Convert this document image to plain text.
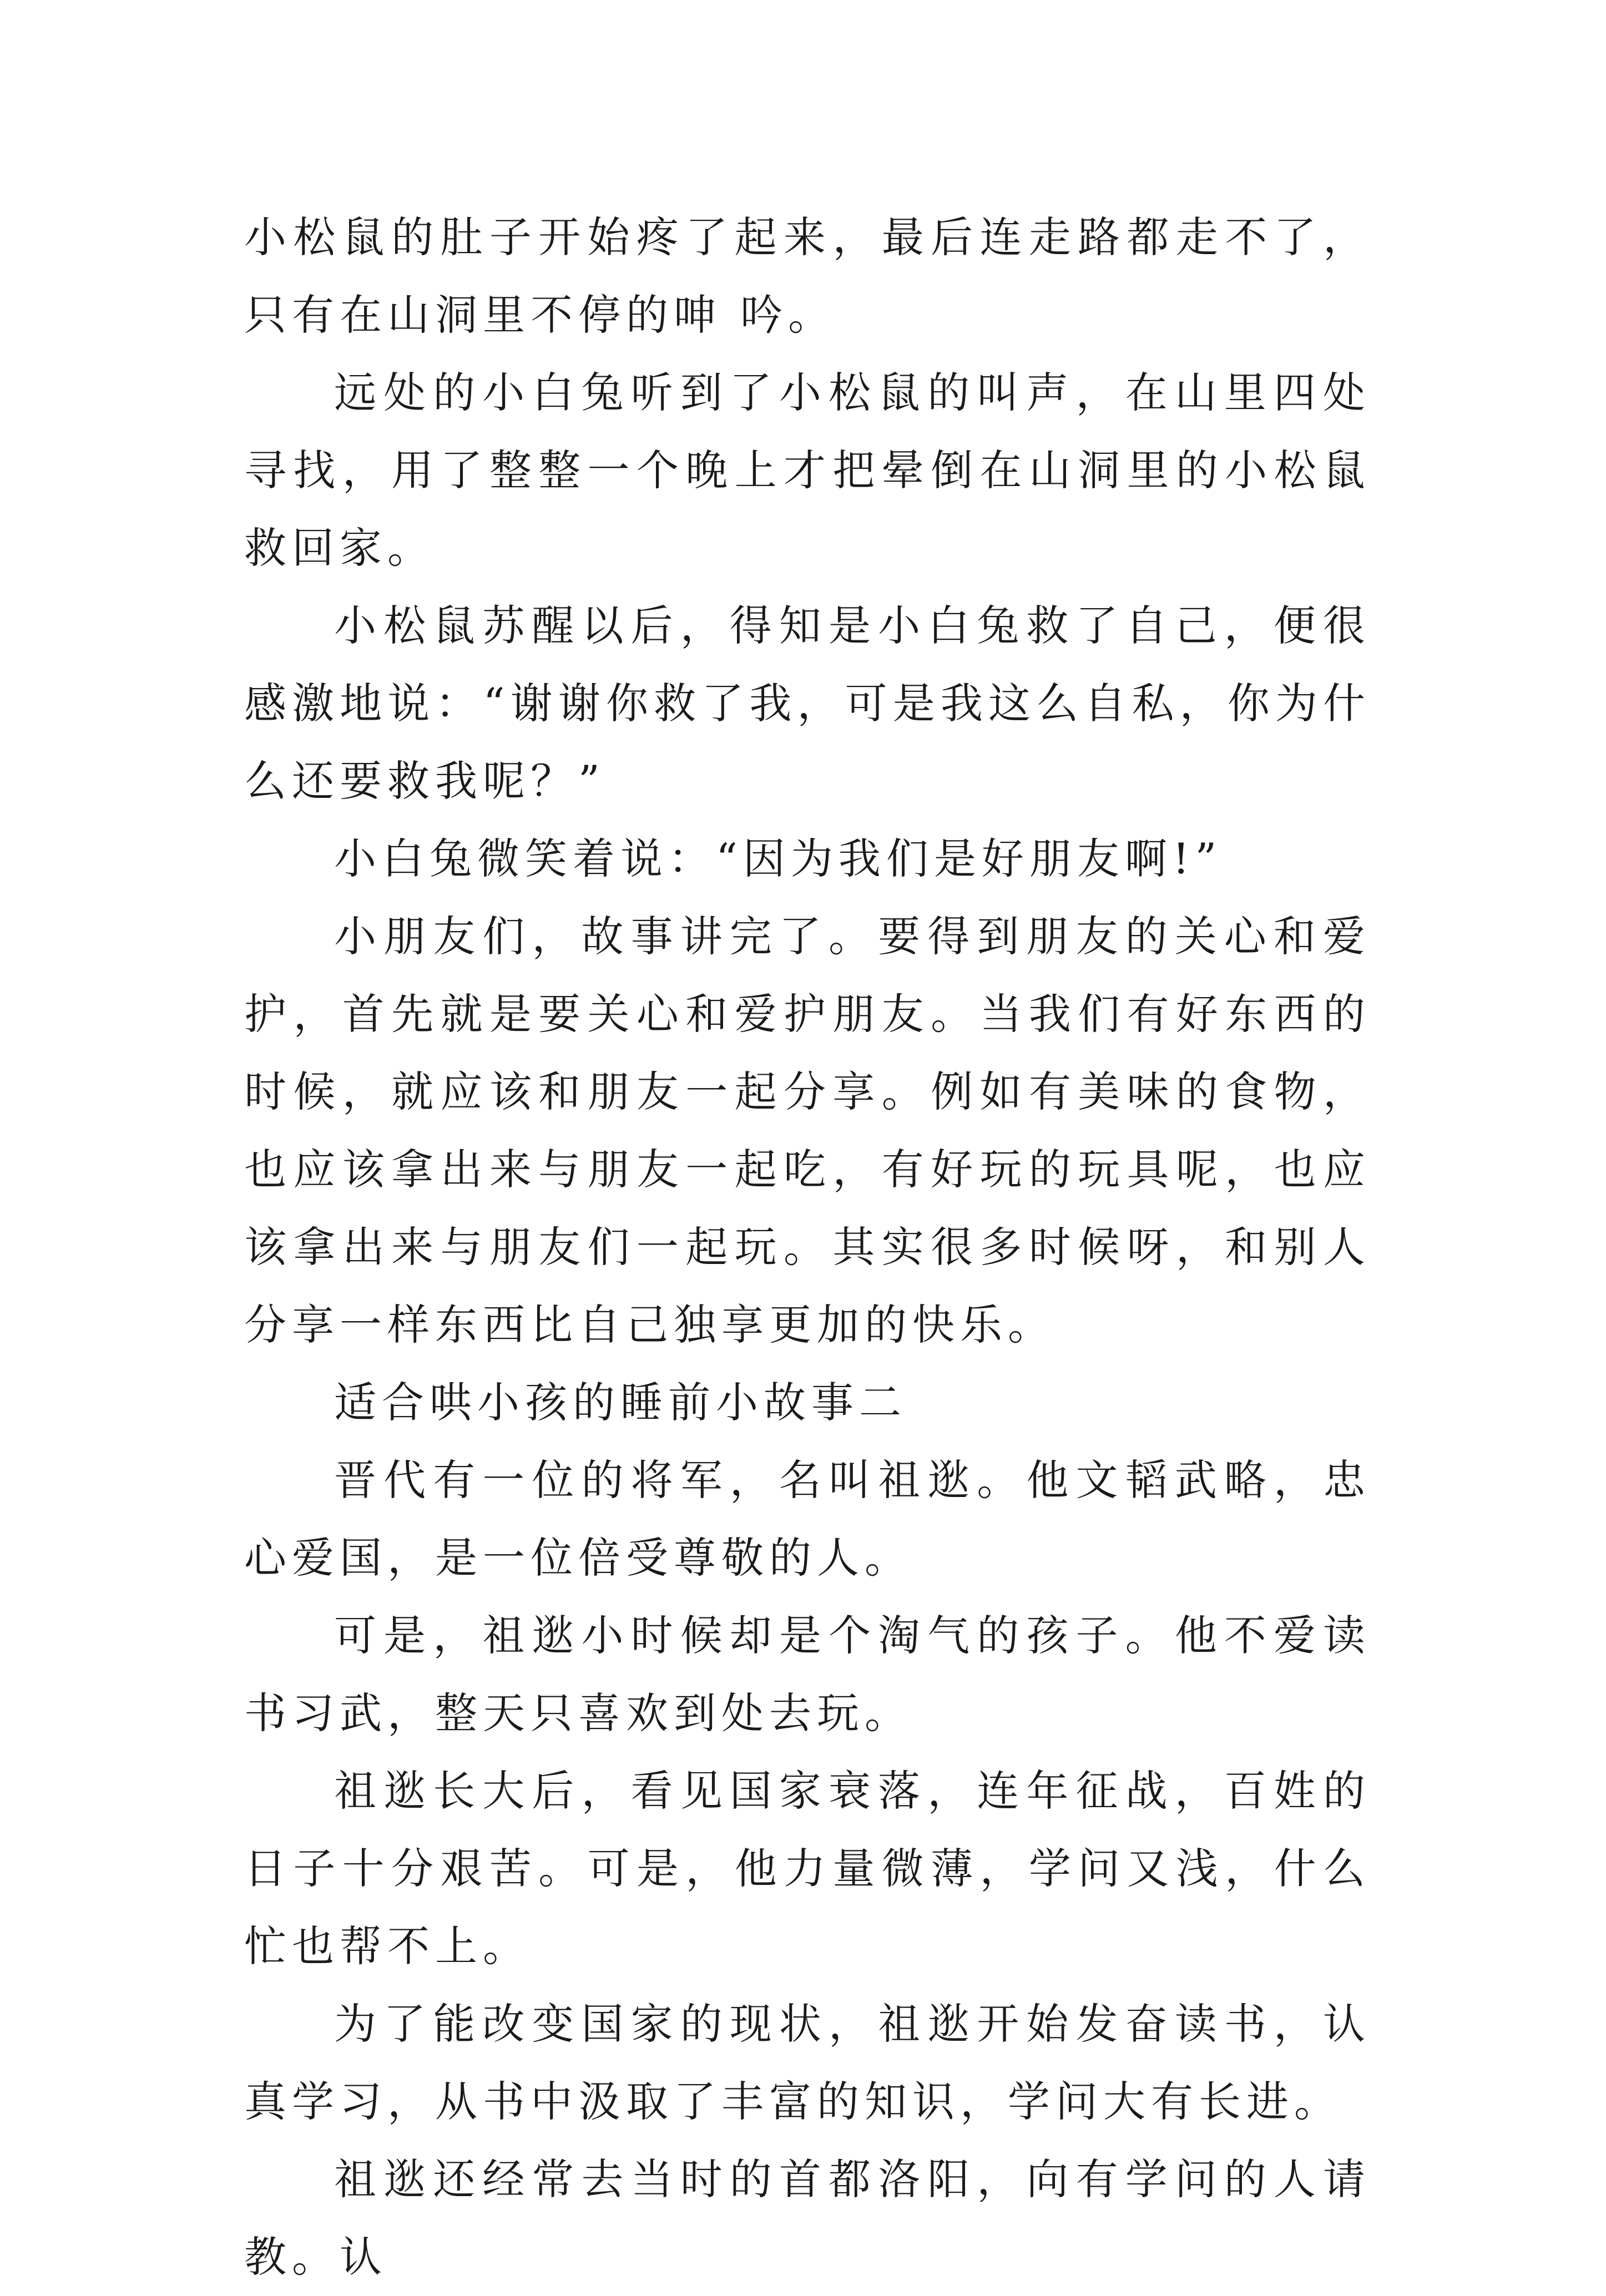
小松鼠的肚子开始疼了起来，最后连走路都走不了，只有在山洞里不停的呻 吟。

远处的小白兔听到了小松鼠的叫声，在山里四处寻找，用了整整一个晚上才把晕倒在山洞里的小松鼠救回家。

小松鼠苏醒以后，得知是小白兔救了自己，便很感激地说：“谢谢你救了我，可是我这么自私，你为什么还要救我呢？”

小白兔微笑着说：“因为我们是好朋友啊!”

小朋友们，故事讲完了。要得到朋友的关心和爱护，首先就是要关心和爱护朋友。当我们有好东西的时候，就应该和朋友一起分享。例如有美味的食物，也应该拿出来与朋友一起吃，有好玩的玩具呢，也应该拿出来与朋友们一起玩。其实很多时候呀，和别人分享一样东西比自己独享更加的快乐。

适合哄小孩的睡前小故事二

晋代有一位的将军，名叫祖逖。他文韬武略，忠心爱国，是一位倍受尊敬的人。

可是，祖逖小时候却是个淘气的孩子。他不爱读书习武，整天只喜欢到处去玩。

祖逖长大后，看见国家衰落，连年征战，百姓的日子十分艰苦。可是，他力量微薄，学问又浅，什么忙也帮不上。

为了能改变国家的现状，祖逖开始发奋读书，认真学习，从书中汲取了丰富的知识，学问大有长进。

祖逖还经常去当时的首都洛阳，向有学问的人请教。认
